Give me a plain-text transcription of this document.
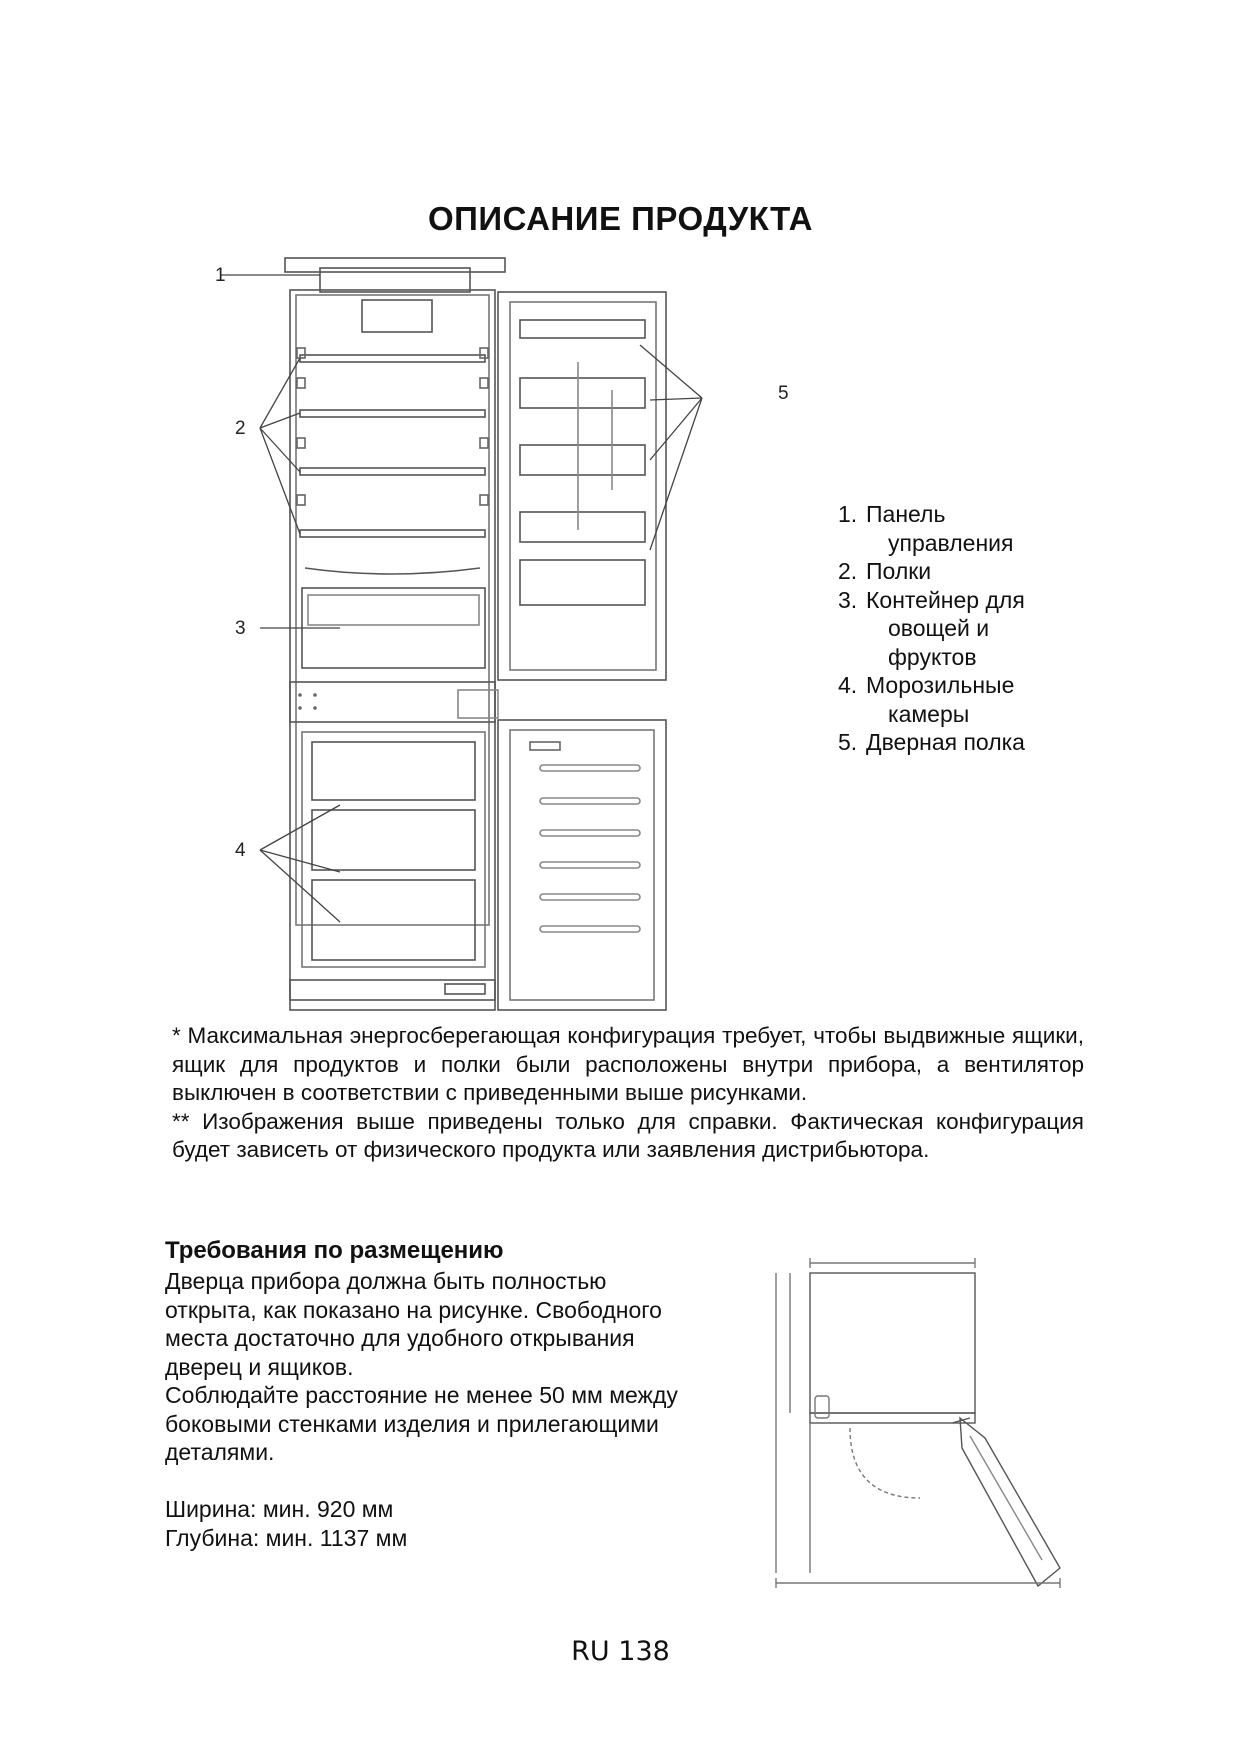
ОПИСАНИЕ ПРОДУКТА
1
2
3
4
5
1. Панель
управления
2. Полки
3. Контейнер для
овощей и фруктов
4. Морозильные
камеры
5. Дверная полка

* Максимальная энергосберегающая конфигурация требует, чтобы выдвижные ящики, ящик для продуктов и полки были расположены внутри прибора, а вентилятор выключен в соответствии с приведенными выше рисунками.

** Изображения выше приведены только для справки. Фактическая конфигурация будет зависеть от физического продукта или заявления дистрибьютора.

Требования по размещению

Дверца прибора должна быть полностью открыта, как показано на рисунке. Свободного места достаточно для удобного открывания дверец и ящиков.

Соблюдайте расстояние не менее 50 мм между боковыми стенками изделия и прилегающими деталями.

Ширина: мин. 920 мм

Глубина: мин. 1137 мм

RU 138
